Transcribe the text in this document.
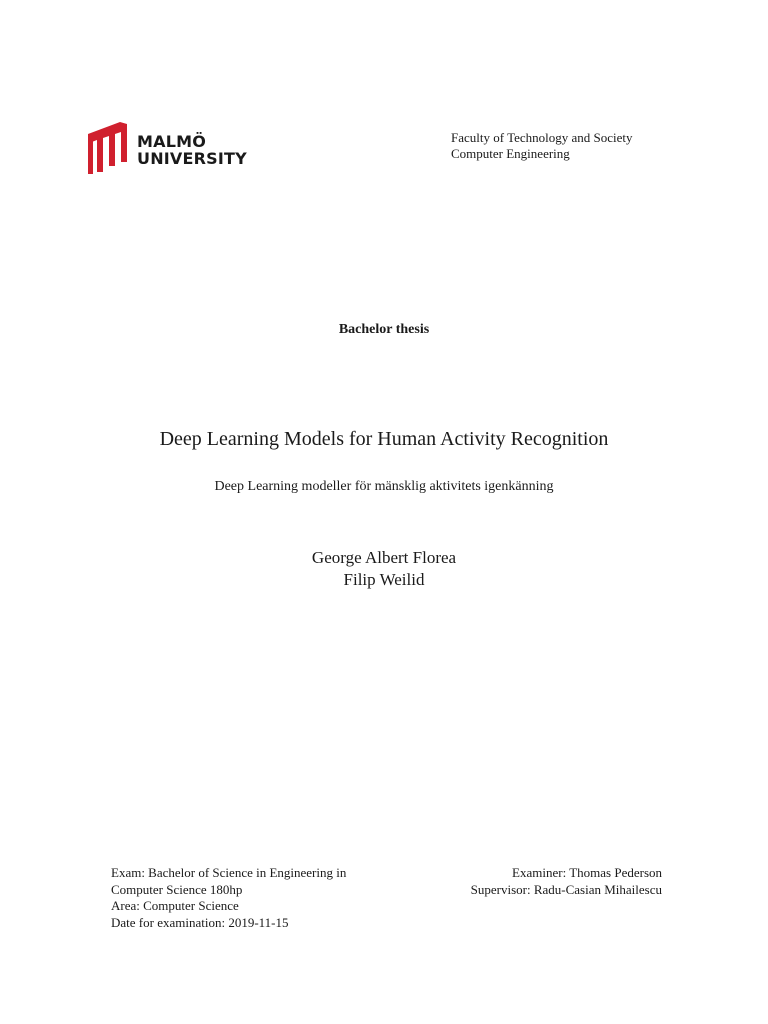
MALMÖ
UNIVERSITY
Faculty of Technology and Society
Computer Engineering
Bachelor thesis
Deep Learning Models for Human Activity Recognition
Deep Learning modeller för mänsklig aktivitets igenkänning
George Albert Florea
Filip Weilid
Exam: Bachelor of Science in Engineering in
Computer Science 180hp
Area: Computer Science
Date for examination: 2019-11-15
Examiner: Thomas Pederson
Supervisor: Radu-Casian Mihailescu
